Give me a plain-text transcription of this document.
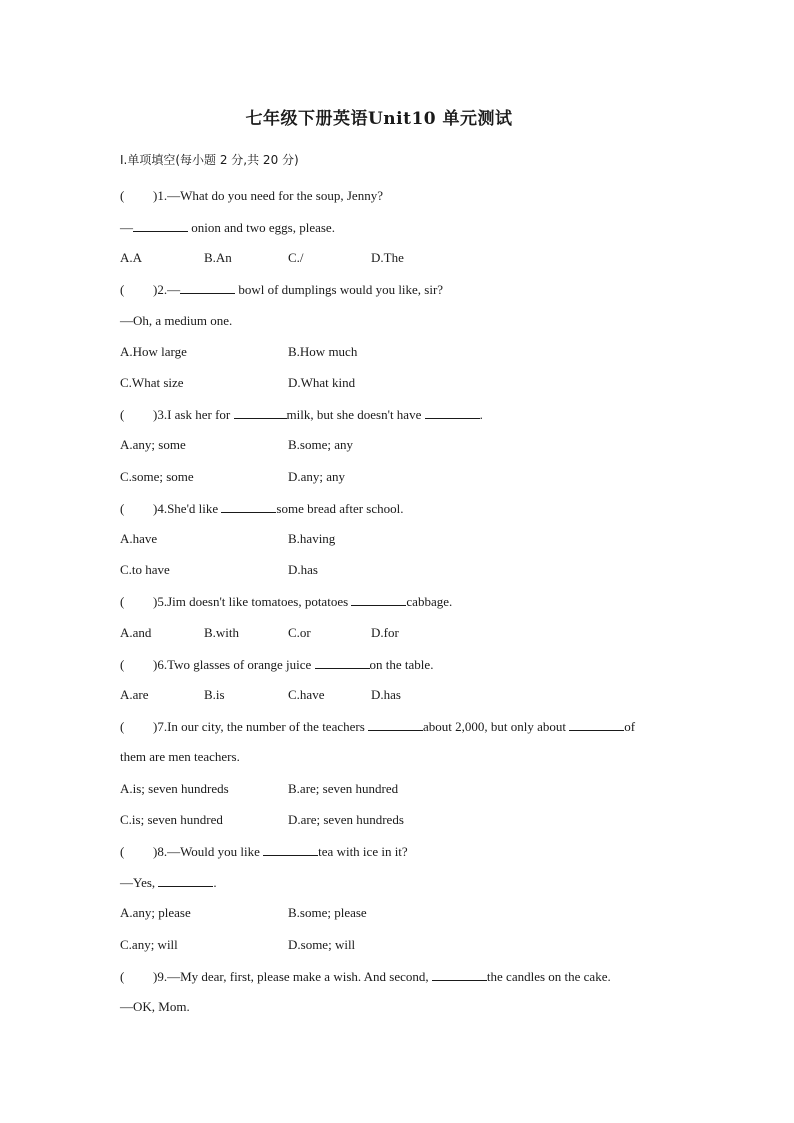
七年级下册英语Unit10 单元测试
Ⅰ.单项填空(每小题 2 分,共 20 分)
( )1.—What do you need for the soup, Jenny?
—	onion and two eggs, please.
A.A	B.An	C./	D.The
( )2.—	bowl of dumplings would you like, sir?
—Oh, a medium one.
A.How large	B.How much
C.What size	D.What kind
( )3.I ask her for	milk, but she doesn't have	.
A.any; some	B.some; any
C.some; some	D.any; any
( )4.She'd like	some bread after school.
A.have	B.having
C.to have	D.has
( )5.Jim doesn't like tomatoes, potatoes	cabbage.
A.and	B.with	C.or	D.for
( )6.Two glasses of orange juice	on the table.
A.are	B.is	C.have	D.has
( )7.In our city, the number of the teachers	about 2,000, but only about	of
them are men teachers.
A.is; seven hundreds	B.are; seven hundred
C.is; seven hundred	D.are; seven hundreds
( )8.—Would you like	tea with ice in it?
—Yes,	.
A.any; please	B.some; please
C.any; will	D.some; will
( )9.—My dear, first, please make a wish. And second,	the candles on the cake.
—OK, Mom.
